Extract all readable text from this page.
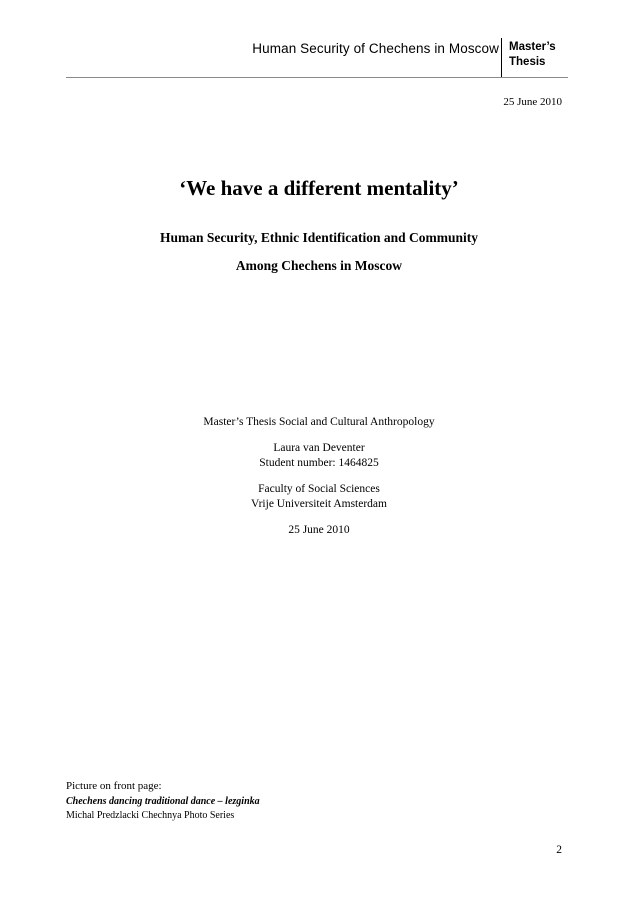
Human Security of Chechens in Moscow Master’s
Thesis
25 June 2010
‘We have a different mentality’
Human Security, Ethnic Identification and Community
Among Chechens in Moscow
Master’s Thesis Social and Cultural Anthropology
Laura van Deventer
Student number: 1464825
Faculty of Social Sciences
Vrije Universiteit Amsterdam
25 June 2010
Picture on front page:
Chechens dancing traditional dance – lezginka
Michal Predzlacki Chechnya Photo Series
2
